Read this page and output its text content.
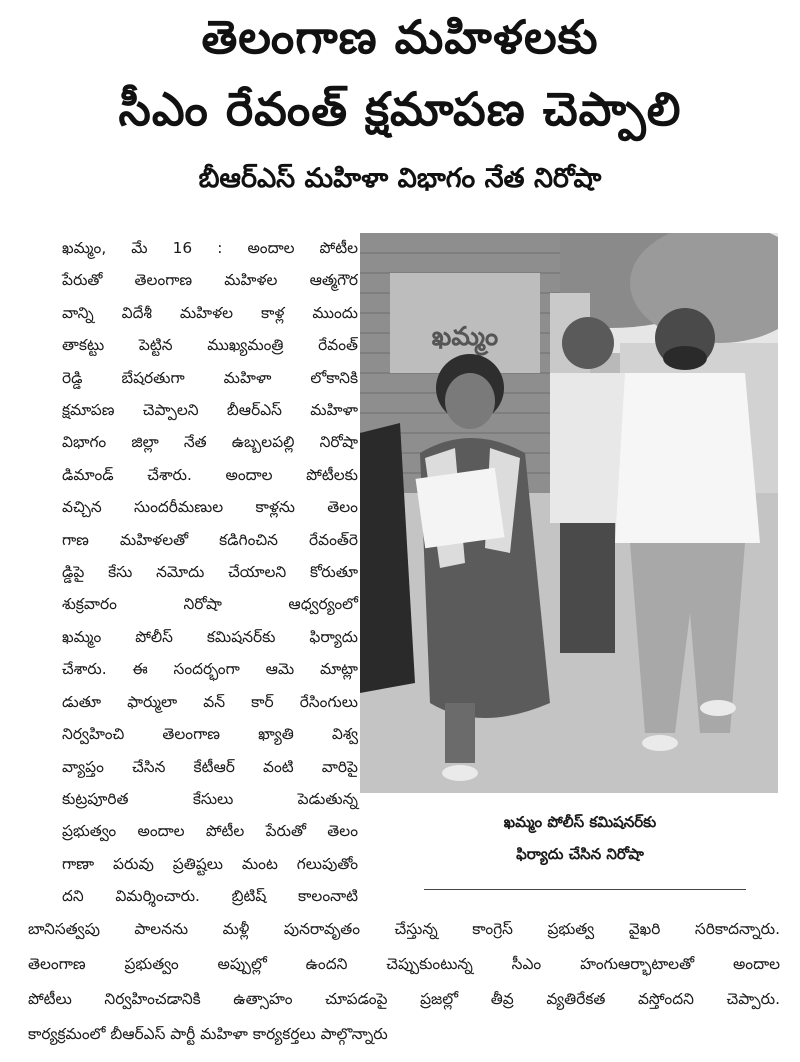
తెలంగాణ మహిళలకు
సీఎం రేవంత్ క్షమాపణ చెప్పాలి
బీఆర్ఎస్ మహిళా విభాగం నేత నిరోషా

ఖమ్మం, మే 16 : అందాల పోటీల

పేరుతో తెలంగాణ మహిళల ఆత్మగౌర

వాన్ని విదేశీ మహిళల కాళ్ల ముందు

తాకట్టు పెట్టిన ముఖ్యమంత్రి రేవంత్

రెడ్డి బేషరతుగా మహిళా లోకానికి

క్షమాపణ చెప్పాలని బీఆర్ఎస్ మహిళా

విభాగం జిల్లా నేత ఉబ్బలపల్లి నిరోషా

డిమాండ్ చేశారు. అందాల పోటీలకు

వచ్చిన సుందరీమణుల కాళ్లను తెలం

గాణ మహిళలతో కడిగించిన రేవంత్‌రె

డ్డిపై కేసు నమోదు చేయాలని కోరుతూ

శుక్రవారం నిరోషా ఆధ్వర్యంలో

ఖమ్మం పోలీస్ కమిషనర్‌కు ఫిర్యాదు

చేశారు. ఈ సందర్భంగా ఆమె మాట్లా

డుతూ ఫార్ములా వన్ కార్ రేసింగులు

నిర్వహించి తెలంగాణ ఖ్యాతి విశ్వ

వ్యాప్తం చేసిన కేటీఆర్ వంటి వారిపై

కుట్రపూరిత కేసులు పెడుతున్న

ప్రభుత్వం అందాల పోటీల పేరుతో తెలం

గాణా పరువు ప్రతిష్టలు మంట గలుపుతోం

దని విమర్శించారు. బ్రిటిష్ కాలంనాటి

ఖమ్మం
ఖమ్మం పోలీస్ కమిషనర్‌కు
ఫిర్యాదు చేసిన నిరోషా

బానిసత్వపు పాలనను మళ్లీ పునరావృతం చేస్తున్న కాంగ్రెస్ ప్రభుత్వ వైఖరి సరికాదన్నారు.

తెలంగాణ ప్రభుత్వం అప్పుల్లో ఉందని చెప్పుకుంటున్న సీఎం హంగుఆర్భాటాలతో అందాల

పోటీలు నిర్వహించడానికి ఉత్సాహం చూపడంపై ప్రజల్లో తీవ్ర వ్యతిరేకత వస్తోందని చెప్పారు.

కార్యక్రమంలో బీఆర్ఎస్ పార్టీ మహిళా కార్యకర్తలు పాల్గొన్నారు
